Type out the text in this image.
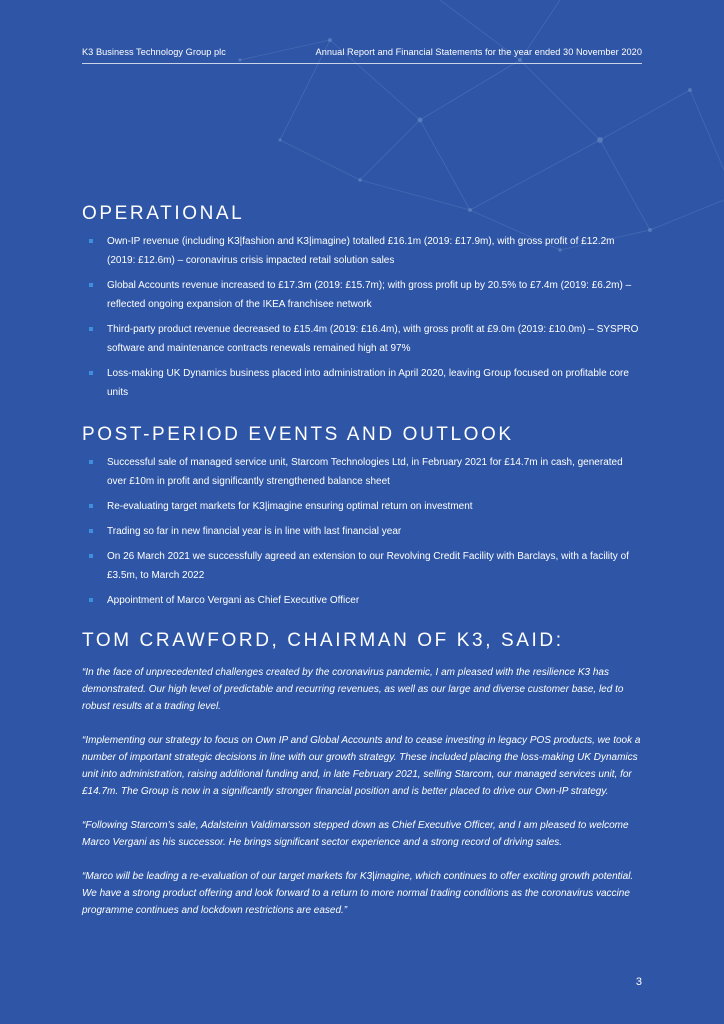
K3 Business Technology Group plc	Annual Report and Financial Statements for the year ended 30 November 2020
OPERATIONAL
Own-IP revenue (including K3|fashion and K3|imagine) totalled £16.1m (2019: £17.9m), with gross profit of £12.2m (2019: £12.6m) – coronavirus crisis impacted retail solution sales
Global Accounts revenue increased to £17.3m (2019: £15.7m); with gross profit up by 20.5% to £7.4m (2019: £6.2m) – reflected ongoing expansion of the IKEA franchisee network
Third-party product revenue decreased to £15.4m (2019: £16.4m), with gross profit at £9.0m (2019: £10.0m) – SYSPRO software and maintenance contracts renewals remained high at 97%
Loss-making UK Dynamics business placed into administration in April 2020, leaving Group focused on profitable core units
POST-PERIOD EVENTS AND OUTLOOK
Successful sale of managed service unit, Starcom Technologies Ltd, in February 2021 for £14.7m in cash, generated over £10m in profit and significantly strengthened balance sheet
Re-evaluating target markets for K3|imagine ensuring optimal return on investment
Trading so far in new financial year is in line with last financial year
On 26 March 2021 we successfully agreed an extension to our Revolving Credit Facility with Barclays, with a facility of £3.5m, to March 2022
Appointment of Marco Vergani as Chief Executive Officer
TOM CRAWFORD, CHAIRMAN OF K3, SAID:

“In the face of unprecedented challenges created by the coronavirus pandemic, I am pleased with the resilience K3 has demonstrated. Our high level of predictable and recurring revenues, as well as our large and diverse customer base, led to robust results at a trading level.

“Implementing our strategy to focus on Own IP and Global Accounts and to cease investing in legacy POS products, we took a number of important strategic decisions in line with our growth strategy. These included placing the loss-making UK Dynamics unit into administration, raising additional funding and, in late February 2021, selling Starcom, our managed services unit, for £14.7m. The Group is now in a significantly stronger financial position and is better placed to drive our Own-IP strategy.

“Following Starcom’s sale, Adalsteinn Valdimarsson stepped down as Chief Executive Officer, and I am pleased to welcome Marco Vergani as his successor. He brings significant sector experience and a strong record of driving sales.

“Marco will be leading a re-evaluation of our target markets for K3|imagine, which continues to offer exciting growth potential. We have a strong product offering and look forward to a return to more normal trading conditions as the coronavirus vaccine programme continues and lockdown restrictions are eased.”

3
